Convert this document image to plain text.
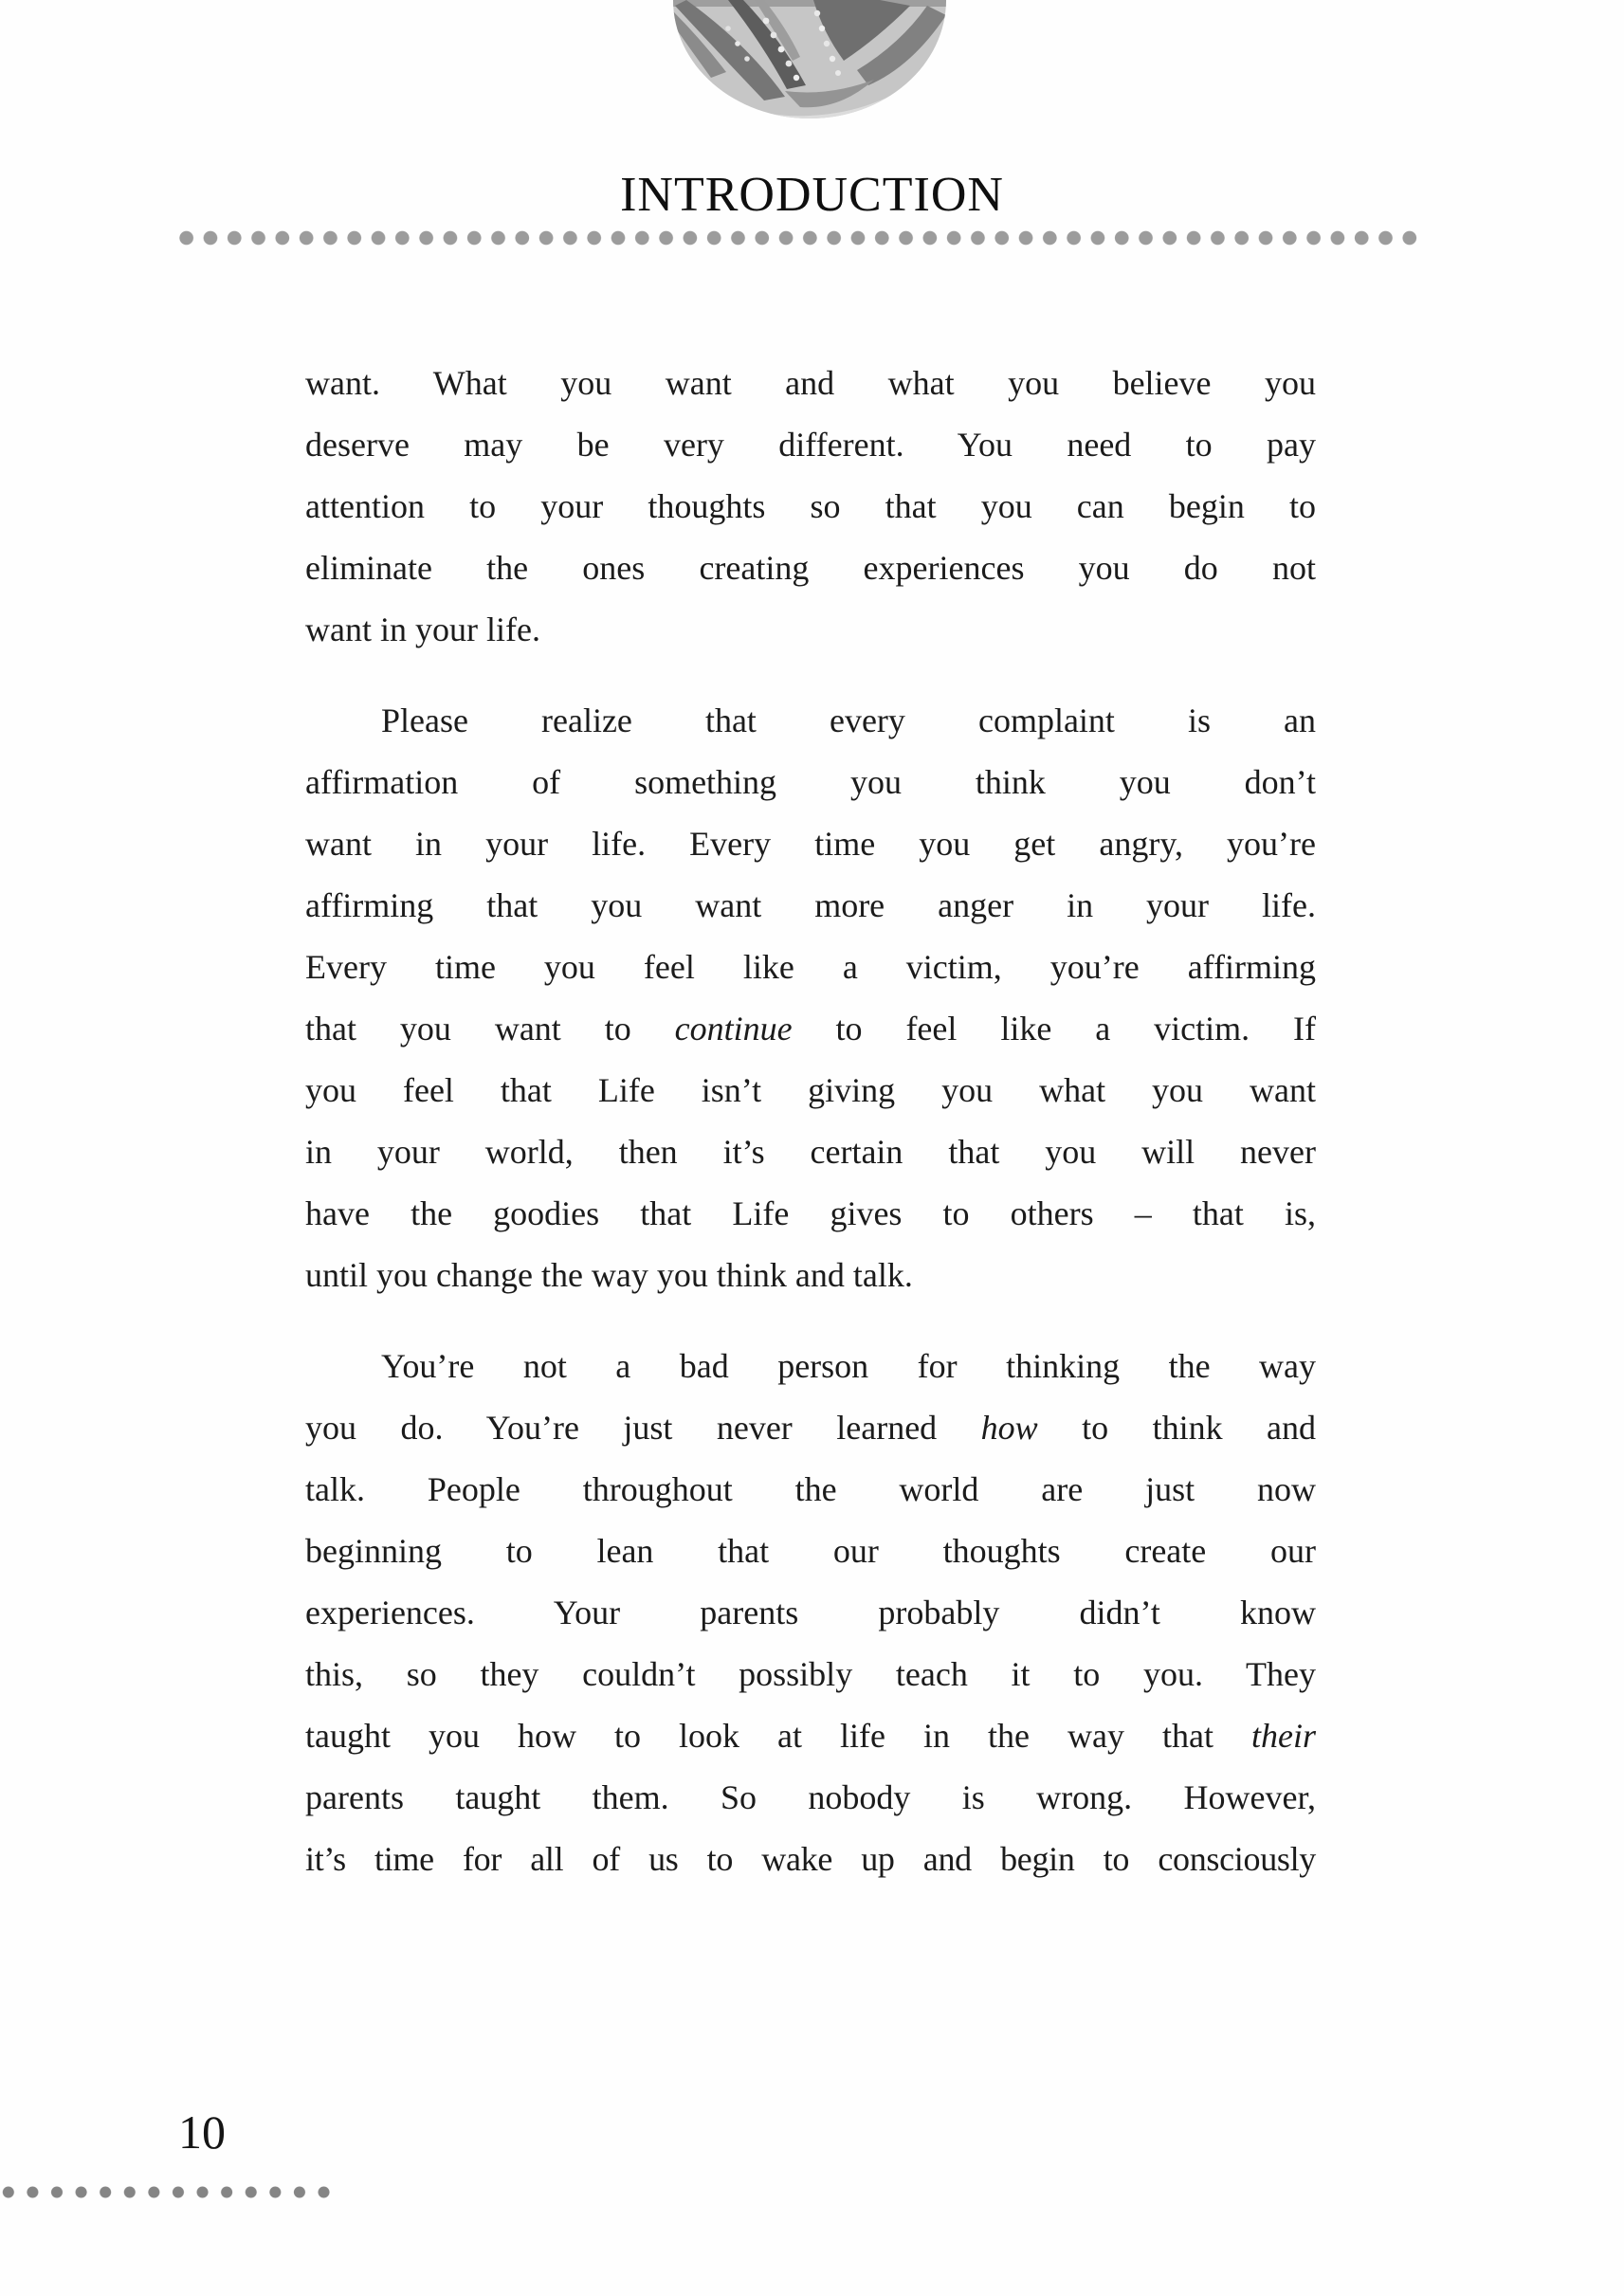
INTRODUCTION
want. What you want and what you believe you
deserve may be very different. You need to pay
attention to your thoughts so that you can begin to
eliminate the ones creating experiences you do not
want in your life.
Please realize that every complaint is an
affirmation of something you think you don’t
want in your life. Every time you get angry, you’re
affirming that you want more anger in your life.
Every time you feel like a victim, you’re affirming
that you want to continue to feel like a victim. If
you feel that Life isn’t giving you what you want
in your world, then it’s certain that you will never
have the goodies that Life gives to others – that is,
until you change the way you think and talk.
You’re not a bad person for thinking the way
you do. You’re just never learned how to think and
talk. People throughout the world are just now
beginning to lean that our thoughts create our
experiences. Your parents probably didn’t know
this, so they couldn’t possibly teach it to you. They
taught you how to look at life in the way that their
parents taught them. So nobody is wrong. However,
it’s time for all of us to wake up and begin to consciously
10
